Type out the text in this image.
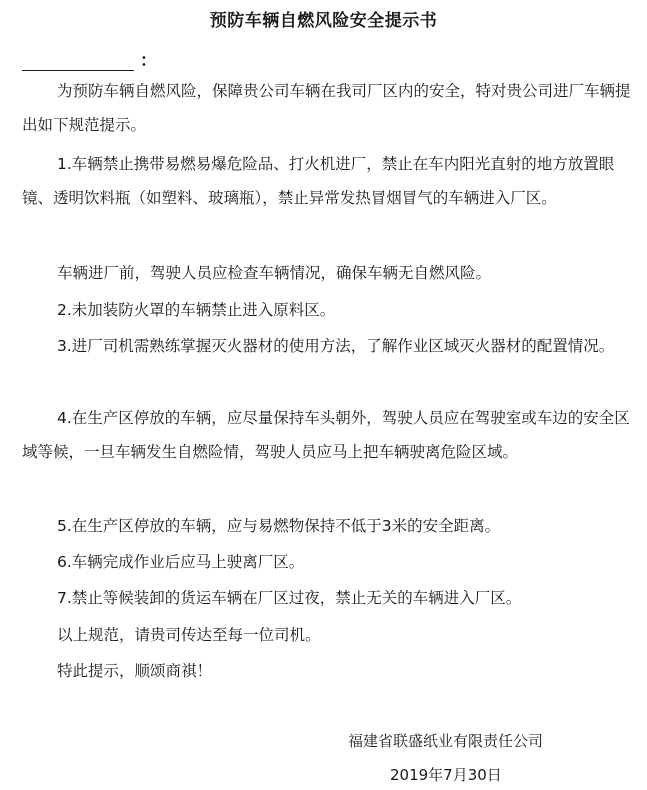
预防车辆自燃风险安全提示书
：

为预防车辆自燃风险，保障贵公司车辆在我司厂区内的安全，特对贵公司进厂车辆提出如下规范提示。

1.车辆禁止携带易燃易爆危险品、打火机进厂，禁止在车内阳光直射的地方放置眼镜、透明饮料瓶（如塑料、玻璃瓶），禁止异常发热冒烟冒气的车辆进入厂区。

车辆进厂前，驾驶人员应检查车辆情况，确保车辆无自燃风险。

2.未加装防火罩的车辆禁止进入原料区。

3.进厂司机需熟练掌握灭火器材的使用方法，了解作业区域灭火器材的配置情况。

4.在生产区停放的车辆，应尽量保持车头朝外，驾驶人员应在驾驶室或车边的安全区域等候，一旦车辆发生自燃险情，驾驶人员应马上把车辆驶离危险区域。

5.在生产区停放的车辆，应与易燃物保持不低于3米的安全距离。

6.车辆完成作业后应马上驶离厂区。

7.禁止等候装卸的货运车辆在厂区过夜，禁止无关的车辆进入厂区。

以上规范，请贵司传达至每一位司机。

特此提示，顺颂商祺！

福建省联盛纸业有限责任公司
2019年7月30日
